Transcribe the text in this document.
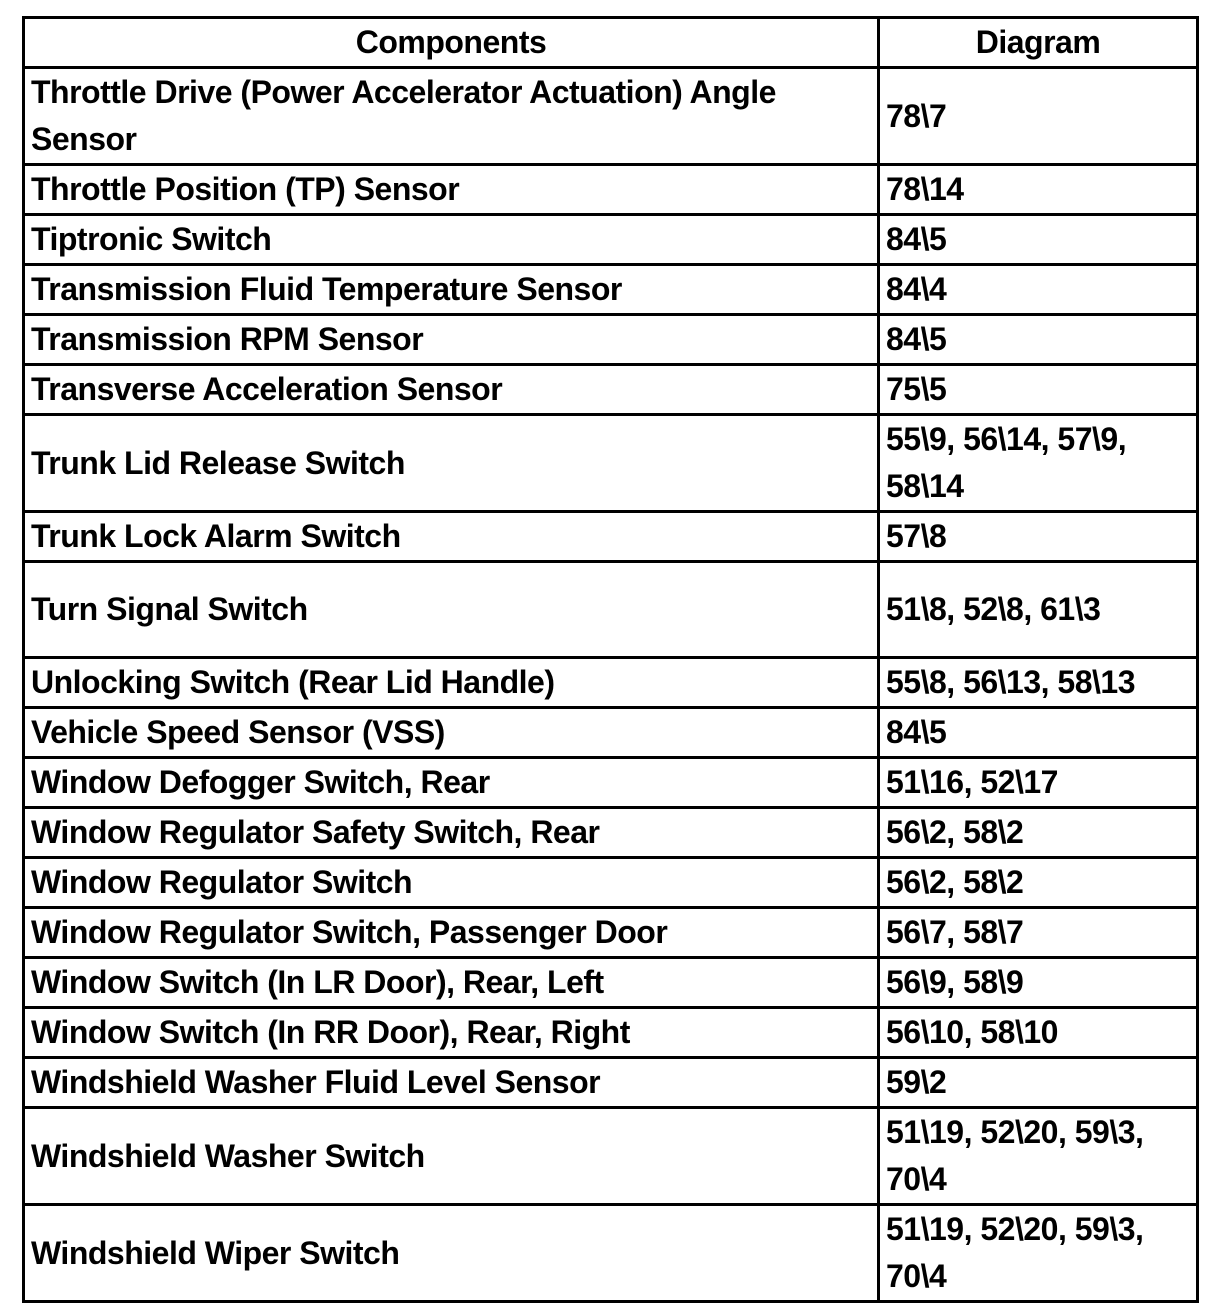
Components	Diagram
Throttle Drive (Power Accelerator Actuation) Angle Sensor	78\7
Throttle Position (TP) Sensor	78\14
Tiptronic Switch	84\5
Transmission Fluid Temperature Sensor	84\4
Transmission RPM Sensor	84\5
Transverse Acceleration Sensor	75\5
Trunk Lid Release Switch	55\9, 56\14, 57\9, 58\14
Trunk Lock Alarm Switch	57\8
Turn Signal Switch	51\8, 52\8, 61\3
Unlocking Switch (Rear Lid Handle)	55\8, 56\13, 58\13
Vehicle Speed Sensor (VSS)	84\5
Window Defogger Switch, Rear	51\16, 52\17
Window Regulator Safety Switch, Rear	56\2, 58\2
Window Regulator Switch	56\2, 58\2
Window Regulator Switch, Passenger Door	56\7, 58\7
Window Switch (In LR Door), Rear, Left	56\9, 58\9
Window Switch (In RR Door), Rear, Right	56\10, 58\10
Windshield Washer Fluid Level Sensor	59\2
Windshield Washer Switch	51\19, 52\20, 59\3, 70\4
Windshield Wiper Switch	51\19, 52\20, 59\3, 70\4
